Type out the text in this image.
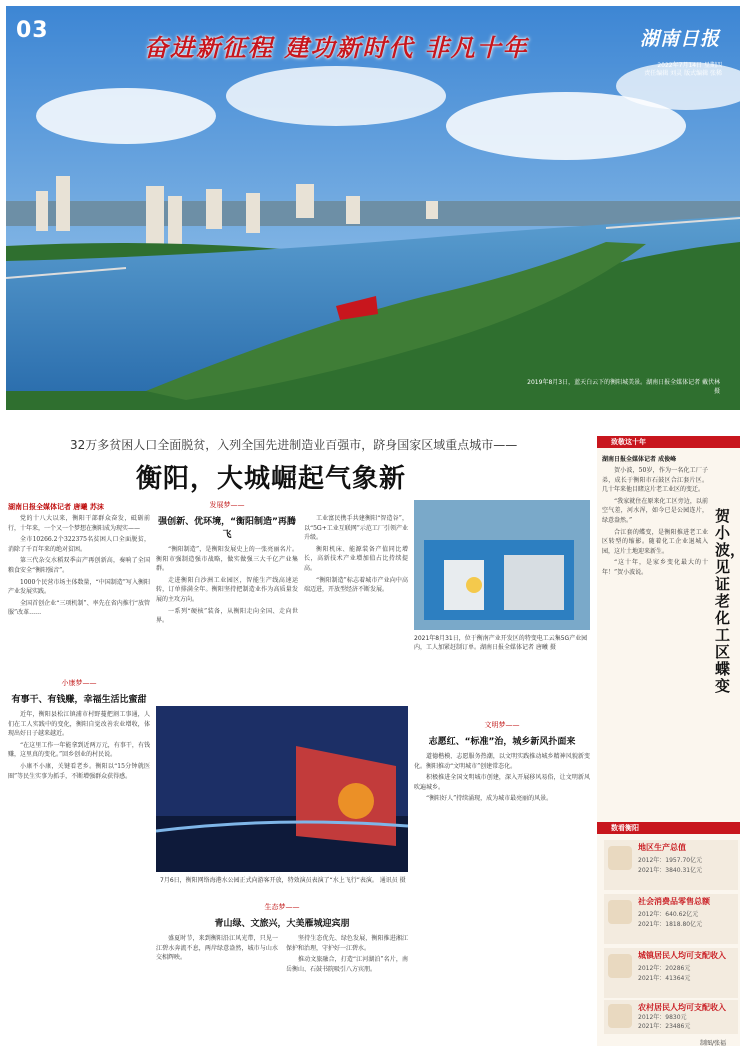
03
奋进新征程 建功新时代 非凡十年	湖南日报
2022年7月14日 星期四
责任编辑 刘灵 版式编辑 张稀
2019年8月3日，蓝天白云下的衡阳城美景。湖南日报全媒体记者 戴伏林 摄
32万多贫困人口全面脱贫，入列全国先进制造业百强市，跻身国家区域重点城市——
衡阳，大城崛起气象新
湖南日报全媒体记者 唐曦 苏沫

党的十八大以来，衡阳干部群众奋发，砥砺前行，十年来，一个又一个梦想在衡阳成为现实——

全市10266.2个322375名贫困人口全面脱贫，消除了千百年来的绝对贫困。

第三代杂交水稻双季亩产再创新高，奏响了全国粮食安全“衡阳强音”。

1000个民营市场主体数量，“中国制造”写入衡阳产业发展实践。

全国首创企业“三项机制”、率先在省内推行“放管服”改革……

小康梦——
有事干、有钱赚，幸福生活比蜜甜

近年，衡阳县松江镇浦市村野蔓把割工事通，人们在工人实践中的变化，衡阳自觉改善农业增收，体现出好日子越来越近。

“在这里工作一年能拿到近两万元，有事干，有钱赚，这里真的变化。”回乡创业的村民说。

小康不小康，关键看老乡。衡阳以“15分钟就医圈”等民生实事为抓手，不断增强群众获得感。

发展梦——
强创新、优环境，“衡阳制造”再腾飞

“衡阳制造”，是衡阳发展史上的一张亮丽名片。衡阳市强制造强市战略，做实做强三大千亿产业集群。

走进衡阳白沙洲工业园区，智能生产线高速运转，订单排满全年。衡阳坚持把制造业作为高质量发展的主攻方向。

一系列“硬核”装备，从衡阳走向全国、走向世界。

工业富民携手共建衡阳“智造谷”，以“5G+工业互联网”示范工厂引领产业升级。

衡阳机床、能源装备产值同比增长，高新技术产业增加值占比持续提高。

“衡阳制造”标志着城市产业向中高端迈进，开放型经济不断发展。

2021年8月31日，位于衡南产业开发区的特变电工云集5G产业园内，工人加紧赶制订单。湖南日报全媒体记者 唐曦 摄
7月6日，衡阳网络海港水公园正式向游客开放，特效演员表演了“水上飞行”表演。 通讯员 摄
生态梦——
青山绿、文旅兴，大美雁城迎宾朋

盛夏时节，来到衡阳沿江风光带，只见一江碧水奔流不息，两岸绿意盎然，城市与山水交相辉映。

坚持生态优先、绿色发展，衡阳推进湘江保护和治理，守护好一江碧水。

推动文旅融合，打造“江河湖泊”名片，南岳衡山、石鼓书院吸引八方宾朋。

文明梦——
志愿红、“标准”治，城乡新风扑面来

道德楷模、志愿服务热潮，以文明实践推动城乡精神风貌新变化。衡阳推动“文明城市”创建常态化。

积极推进全国文明城市创建，深入开展移风易俗，让文明新风吹遍城乡。

“衡阳好人”持续涌现，成为城市最亮丽的风景。

致敬这十年
湖南日报全媒体记者 成俊峰

贺小波，50岁，作为一名化工厂子弟，成长于衡阳市石鼓区合江套片区。几十年来他目睹这片老工业区的变迁。

“我家就住在原来化工区旁边，以前空气差，河水浑，如今已是公园连片，绿意盎然。”

合江套的蝶变，是衡阳推进老工业区转型的缩影。随着化工企业退城入园，这片土地迎来新生。

“这十年，是家乡变化最大的十年！”贺小波说。

贺小波，见证老化工区蝶变
数看衡阳
地区生产总值
2012年：1957.70亿元
2021年：3840.31亿元
社会消费品零售总额
2012年：640.62亿元
2021年：1818.80亿元
城镇居民人均可支配收入
2012年：20286元
2021年：41364元
农村居民人均可支配收入
2012年：9830元
2021年：23486元
制图/张福
